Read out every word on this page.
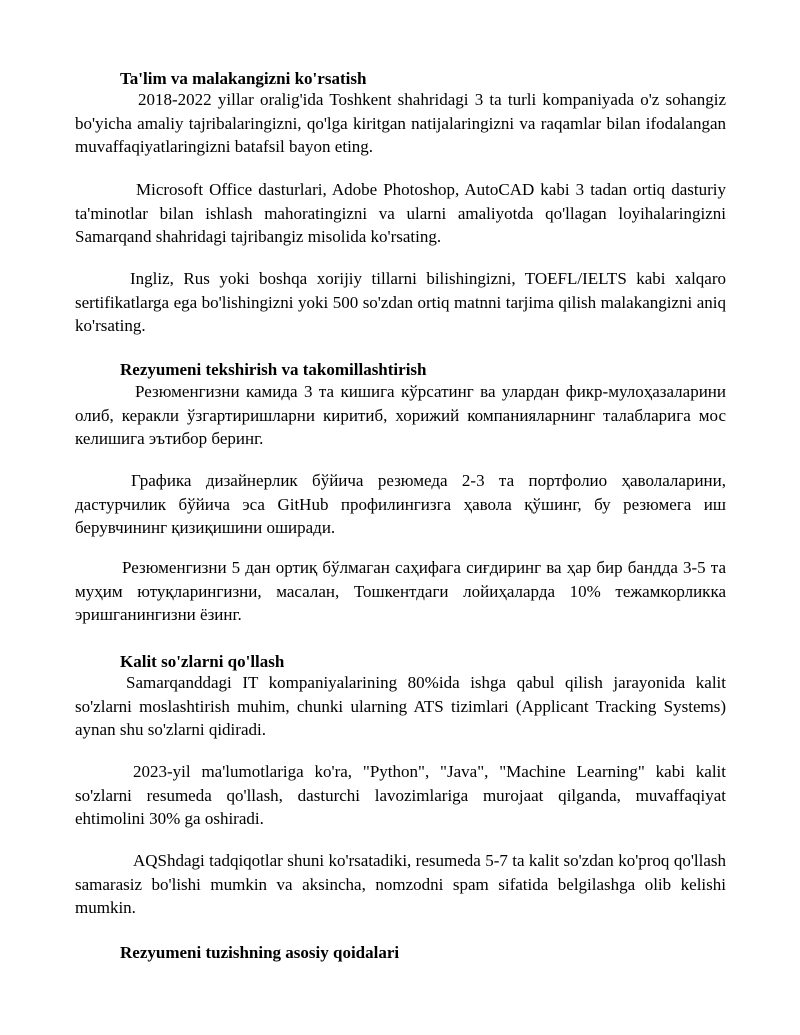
Ta'lim va malakangizni ko'rsatish
2018-2022 yillar oralig'ida Toshkent shahridagi 3 ta turli kompaniyada o'z sohangiz bo'yicha amaliy tajribalaringizni, qo'lga kiritgan natijalaringizni va raqamlar bilan ifodalangan muvaffaqiyatlaringizni batafsil bayon eting.
Microsoft Office dasturlari, Adobe Photoshop, AutoCAD kabi 3 tadan ortiq dasturiy ta'minotlar bilan ishlash mahoratingizni va ularni amaliyotda qo'llagan loyihalaringizni Samarqand shahridagi tajribangiz misolida ko'rsating.
Ingliz, Rus yoki boshqa xorijiy tillarni bilishingizni, TOEFL/IELTS kabi xalqaro sertifikatlarga ega bo'lishingizni yoki 500 so'zdan ortiq matnni tarjima qilish malakangizni aniq ko'rsating.
Rezyumeni tekshirish va takomillashtirish
Резюменгизни камида 3 та кишига кўрсатинг ва улардан фикр-мулоҳазаларини олиб, керакли ўзгартиришларни киритиб, хорижий компанияларнинг талабларига мос келишига эътибор беринг.
Графика дизайнерлик бўйича резюмеда 2-3 та портфолио ҳаволаларини, дастурчилик бўйича эса GitHub профилингизга ҳавола қўшинг, бу резюмега иш берувчининг қизиқишини оширади.
Резюменгизни 5 дан ортиқ бўлмаган саҳифага сиғдиринг ва ҳар бир бандда 3-5 та муҳим ютуқларингизни, масалан, Тошкентдаги лойиҳаларда 10% тежамкорликка эришганингизни ёзинг.
Kalit so'zlarni qo'llash
Samarqanddagi IT kompaniyalarining 80%ida ishga qabul qilish jarayonida kalit so'zlarni moslashtirish muhim, chunki ularning ATS tizimlari (Applicant Tracking Systems) aynan shu so'zlarni qidiradi.
2023-yil ma'lumotlariga ko'ra, "Python", "Java", "Machine Learning" kabi kalit so'zlarni resumeda qo'llash, dasturchi lavozimlariga murojaat qilganda, muvaffaqiyat ehtimolini 30% ga oshiradi.
AQShdagi tadqiqotlar shuni ko'rsatadiki, resumeda 5-7 ta kalit so'zdan ko'proq qo'llash samarasiz bo'lishi mumkin va aksincha, nomzodni spam sifatida belgilashga olib kelishi mumkin.
Rezyumeni tuzishning asosiy qoidalari
